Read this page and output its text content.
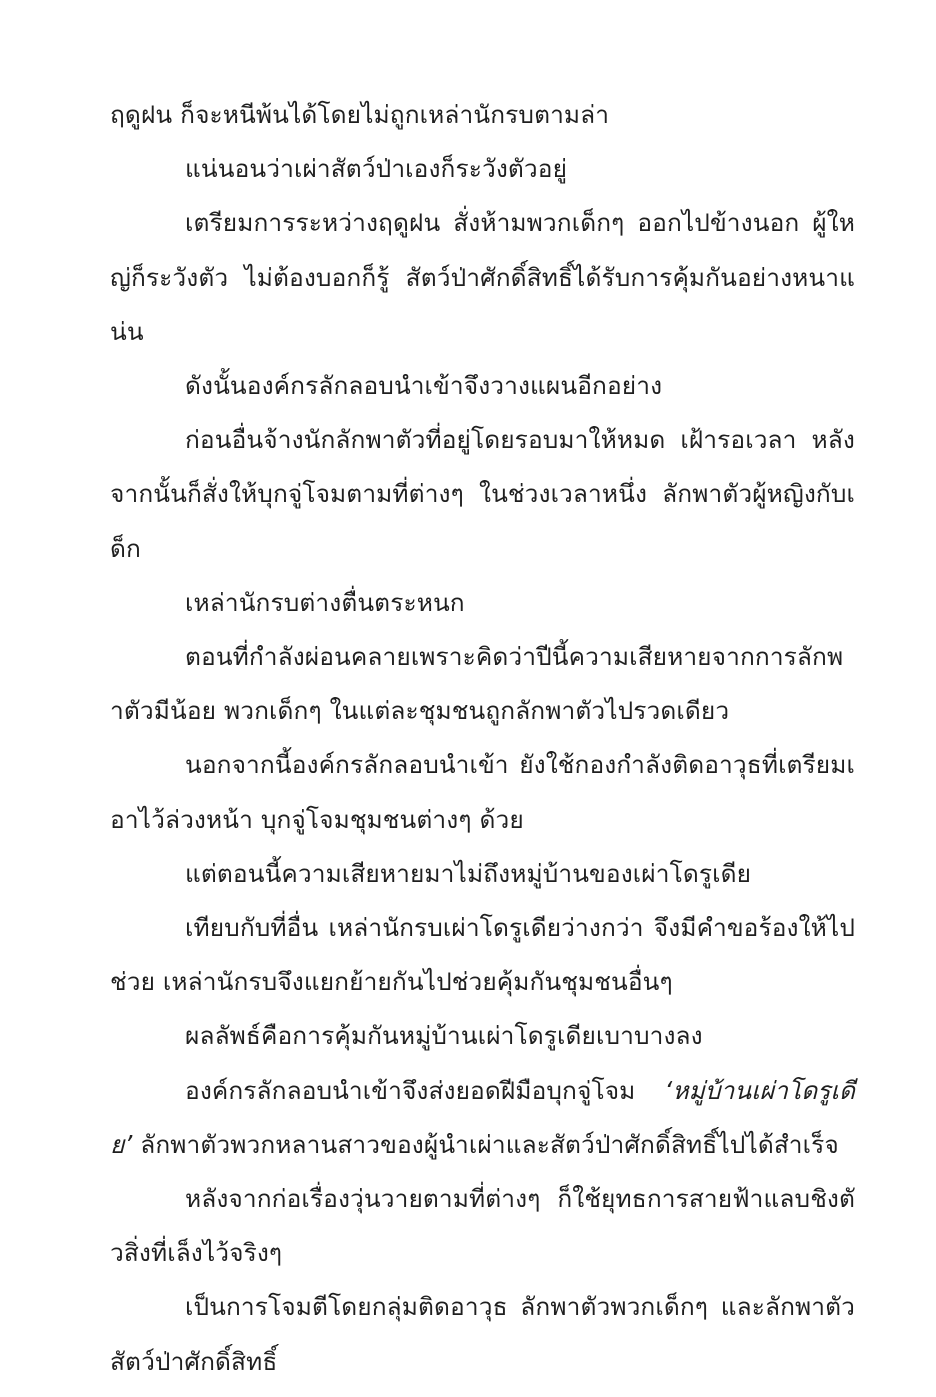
ฤดูฝน ก็จะหนีพ้นได้โดยไม่ถูกเหล่านักรบตามล่า

แน่นอนว่าเผ่าสัตว์ป่าเองก็ระวังตัวอยู่

เตรียมการระหว่างฤดูฝน สั่งห้ามพวกเด็กๆ ออกไปข้างนอก ผู้ใหญ่ก็ระวังตัว ไม่ต้องบอกก็รู้ สัตว์ป่าศักดิ์สิทธิ์ได้รับการคุ้มกันอย่างหนาแน่น

ดังนั้นองค์กรลักลอบนำเข้าจึงวางแผนอีกอย่าง

ก่อนอื่นจ้างนักลักพาตัวที่อยู่โดยรอบมาให้หมด เฝ้ารอเวลา หลังจากนั้นก็สั่งให้บุกจู่โจมตามที่ต่างๆ ในช่วงเวลาหนึ่ง ลักพาตัวผู้หญิงกับเด็ก

เหล่านักรบต่างตื่นตระหนก

ตอนที่กำลังผ่อนคลายเพราะคิดว่าปีนี้ความเสียหายจากการลักพาตัวมีน้อย พวกเด็กๆ ในแต่ละชุมชนถูกลักพาตัวไปรวดเดียว

นอกจากนี้องค์กรลักลอบนำเข้า ยังใช้กองกำลังติดอาวุธที่เตรียมเอาไว้ล่วงหน้า บุกจู่โจมชุมชนต่างๆ ด้วย

แต่ตอนนี้ความเสียหายมาไม่ถึงหมู่บ้านของเผ่าโดรูเดีย

เทียบกับที่อื่น เหล่านักรบเผ่าโดรูเดียว่างกว่า จึงมีคำขอร้องให้ไปช่วย เหล่านักรบจึงแยกย้ายกันไปช่วยคุ้มกันชุมชนอื่นๆ

ผลลัพธ์คือการคุ้มกันหมู่บ้านเผ่าโดรูเดียเบาบางลง

องค์กรลักลอบนำเข้าจึงส่งยอดฝีมือบุกจู่โจม ‘หมู่บ้านเผ่าโดรูเดีย’ ลักพาตัวพวกหลานสาวของผู้นำเผ่าและสัตว์ป่าศักดิ์สิทธิ์ไปได้สำเร็จ

หลังจากก่อเรื่องวุ่นวายตามที่ต่างๆ ก็ใช้ยุทธการสายฟ้าแลบชิงตัวสิ่งที่เล็งไว้จริงๆ

เป็นการโจมตีโดยกลุ่มติดอาวุธ ลักพาตัวพวกเด็กๆ และลักพาตัวสัตว์ป่าศักดิ์สิทธิ์
